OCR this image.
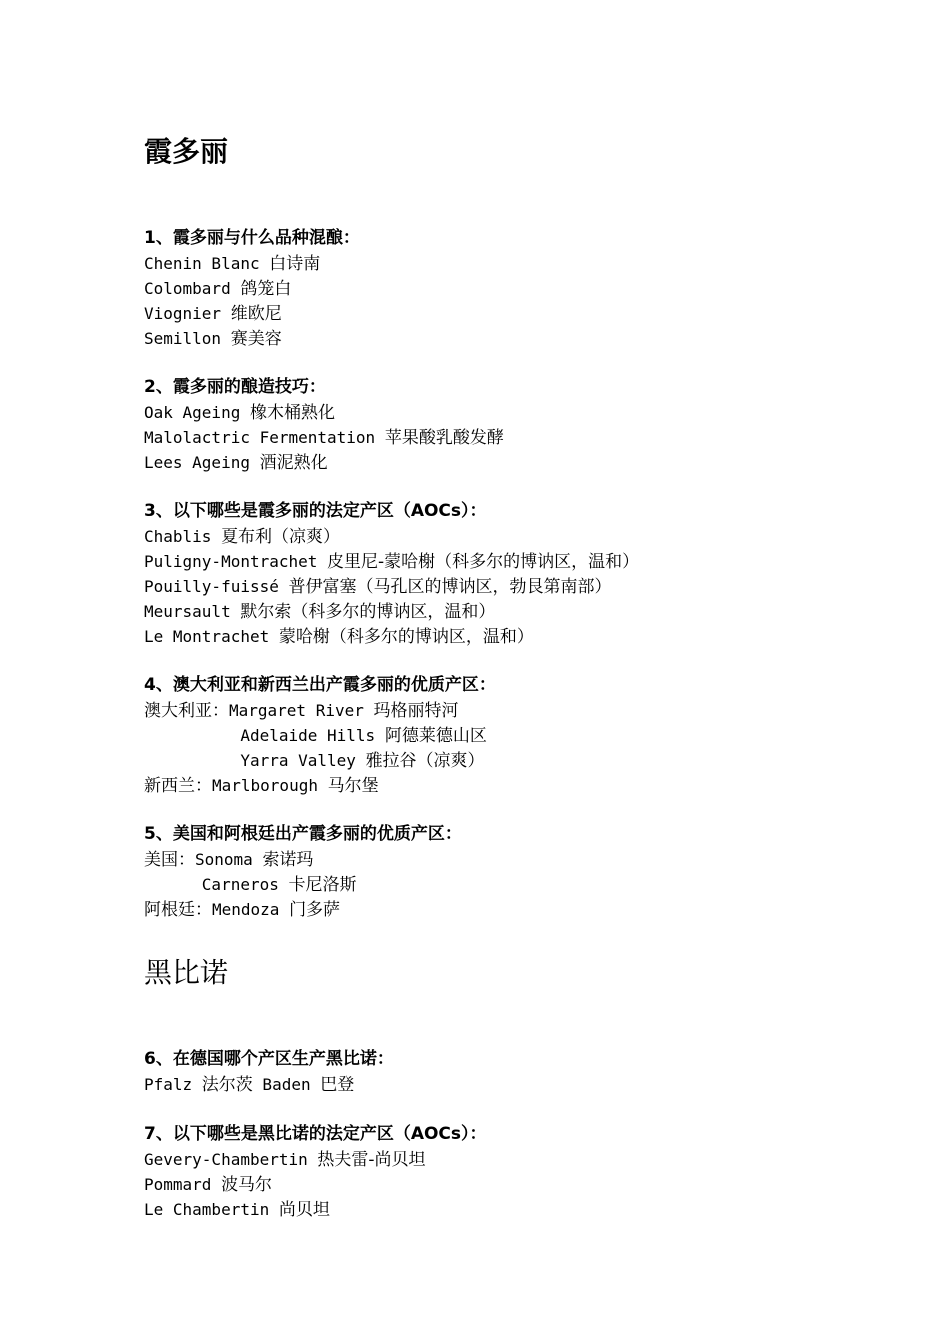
霞多丽
1、霞多丽与什么品种混酿：
Chenin Blanc 白诗南
Colombard 鸽笼白
Viognier 维欧尼
Semillon 赛美容
2、霞多丽的酿造技巧：
Oak Ageing 橡木桶熟化
Malolactric Fermentation 苹果酸乳酸发酵
Lees Ageing 酒泥熟化
3、以下哪些是霞多丽的法定产区（AOCs）：
Chablis 夏布利（凉爽）
Puligny-Montrachet 皮里尼-蒙哈榭（科多尔的博讷区，温和）
Pouilly-fuissé 普伊富塞（马孔区的博讷区，勃艮第南部）
Meursault 默尔索（科多尔的博讷区，温和）
Le Montrachet 蒙哈榭（科多尔的博讷区，温和）
4、澳大利亚和新西兰出产霞多丽的优质产区：
澳大利亚：Margaret River 玛格丽特河
Adelaide Hills 阿德莱德山区
Yarra Valley 雅拉谷（凉爽）
新西兰：Marlborough 马尔堡
5、美国和阿根廷出产霞多丽的优质产区：
美国：Sonoma 索诺玛
Carneros 卡尼洛斯
阿根廷：Mendoza 门多萨
黑比诺
6、在德国哪个产区生产黑比诺：
Pfalz 法尔茨 Baden 巴登
7、以下哪些是黑比诺的法定产区（AOCs）：
Gevery-Chambertin 热夫雷-尚贝坦
Pommard 波马尔
Le Chambertin 尚贝坦
